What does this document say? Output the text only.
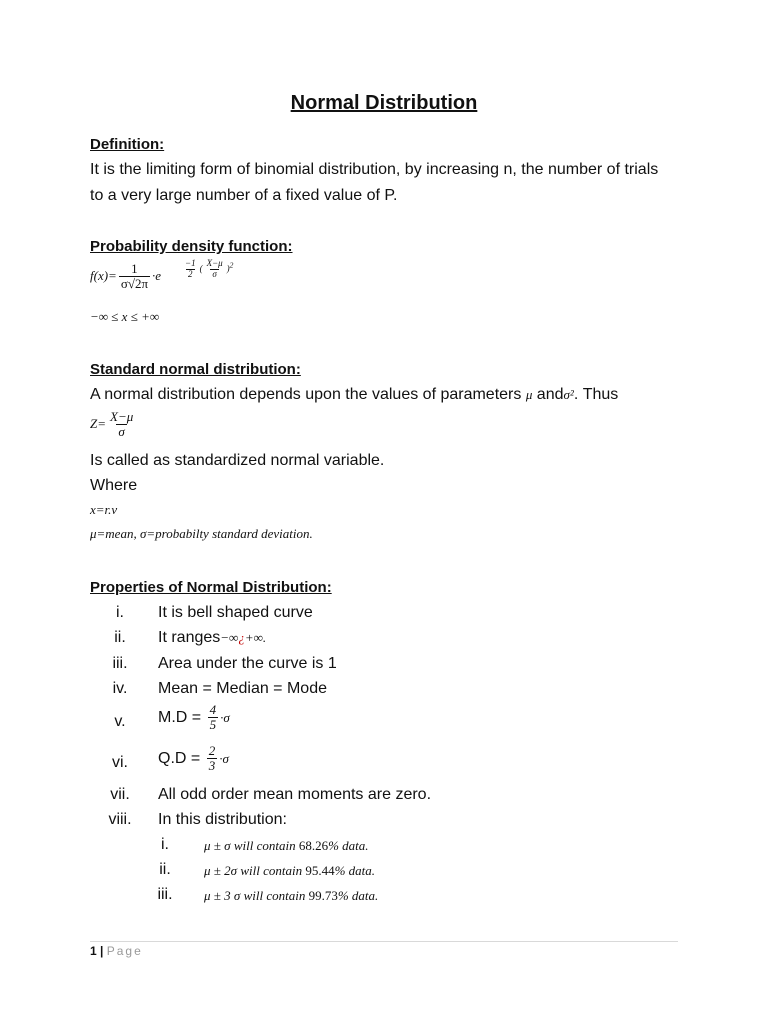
Normal Distribution
Definition:
It is the limiting form of binomial distribution, by increasing n, the number of trials
to a very large number of a fixed value of P.
Probability density function:
$f(x)= \frac{1}{\sigma√2\pi} \cdot e \frac{-1}{2}$ ( $\frac{X-\mu}{\sigma} )^2$
−∞ ≤ x ≤ +∞
Standard normal distribution:
A normal distribution depends upon the values of parameters μ andσ². Thus
$Z= \frac{X-\mu}{\sigma}$
Is called as standardized normal variable.
Where
x=r.v
μ=mean, σ=probabilty standard deviation.
Properties of Normal Distribution:
i.	It is bell shaped curve
ii.	It ranges−∞¿+∞.
iii.	Area under the curve is 1
iv.	Mean = Median = Mode
v.	$M.D = \frac{4}{5} \cdot\sigma$
vi.	$Q.D = \frac{2}{3} \cdot\sigma$
vii.	All odd order mean moments are zero.
viii.	In this distribution:
i.	μ ± σ will contain 68.26% data.
ii.	μ ± 2σ will contain 95.44% data.
iii.	μ ± 3 σ will contain 99.73% data.
1 | Page
